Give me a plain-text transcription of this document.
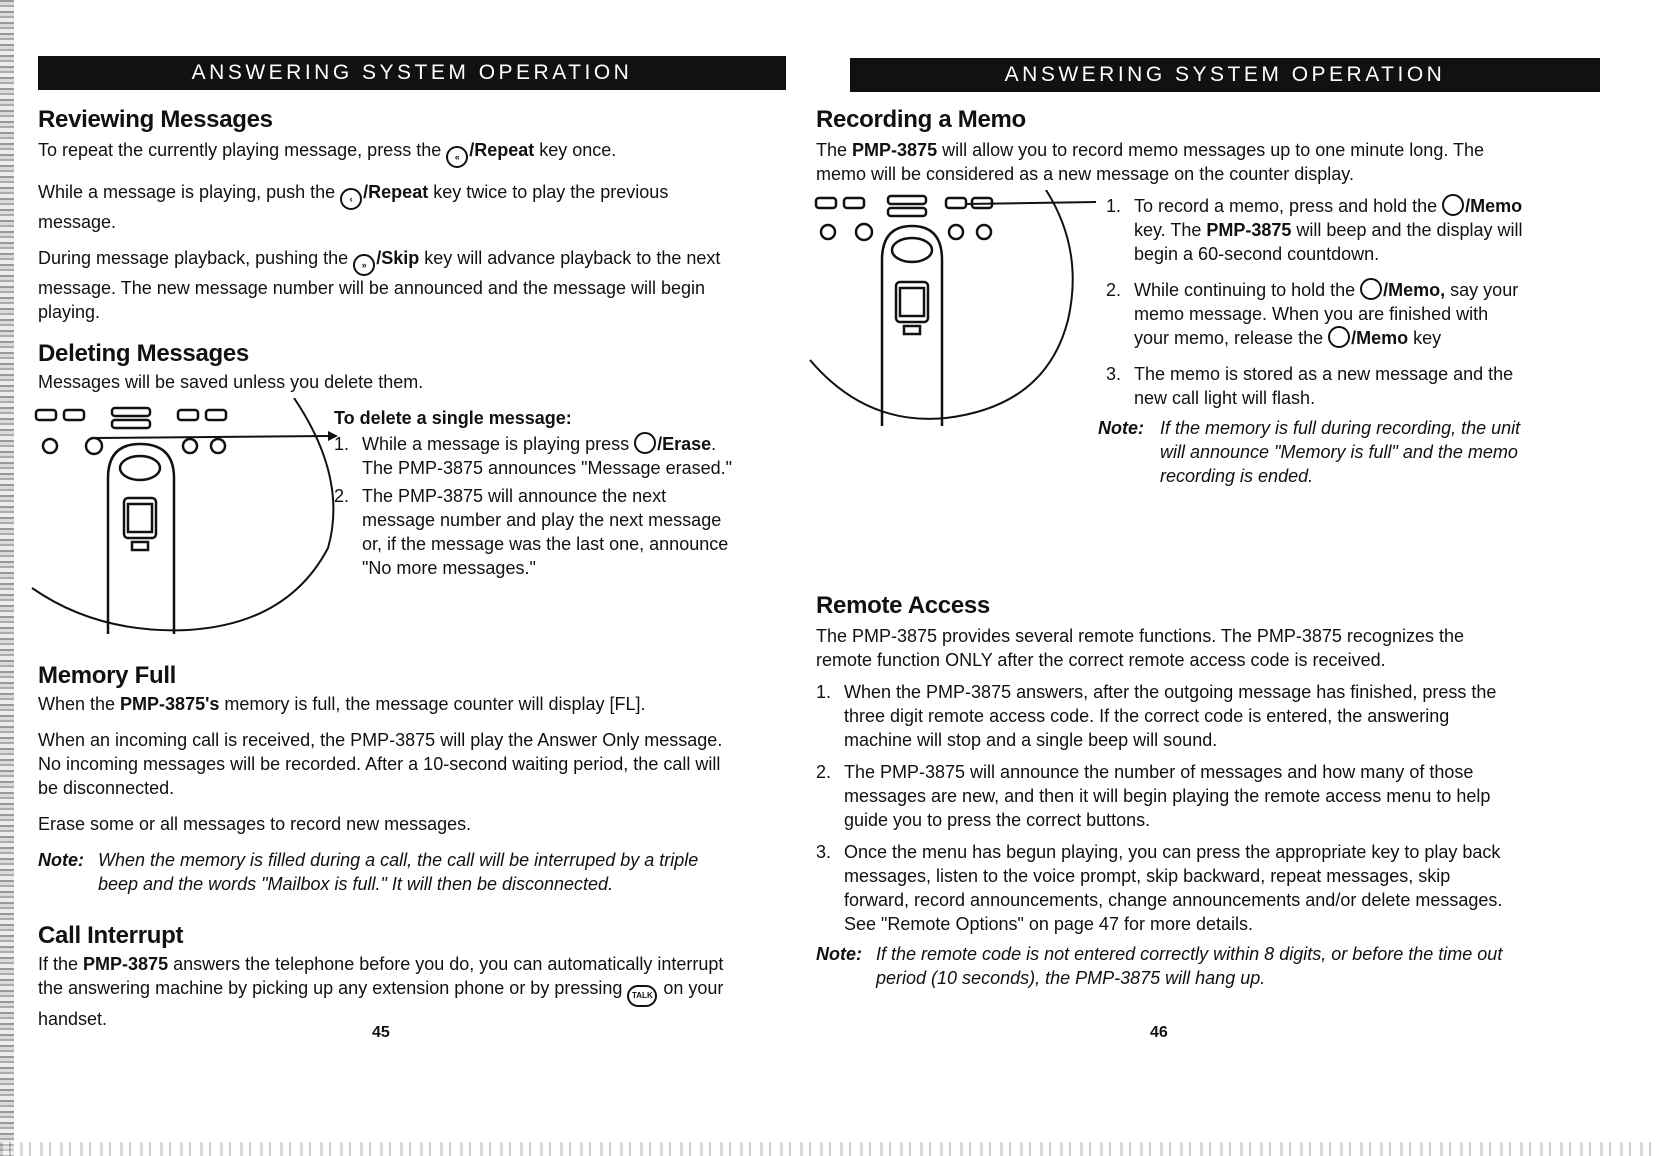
ANSWERING SYSTEM OPERATION
Reviewing Messages

To repeat the currently playing message, press the « /Repeat key once.

While a message is playing, push the ‹ /Repeat key twice to play the previous message.

During message playback, pushing the » /Skip key will advance playback to the next message. The new message number will be announced and the message will begin playing.

Deleting Messages

Messages will be saved unless you delete them.

To delete a single message:

1. While a message is playing press /Erase. The PMP-3875 announces "Message erased."
2. The PMP-3875 will announce the next message number and play the next message or, if the message was the last one, announce "No more messages."
Memory Full

When the PMP-3875's memory is full, the message counter will display [FL].

When an incoming call is received, the PMP-3875 will play the Answer Only message. No incoming messages will be recorded. After a 10-second waiting period, the call will be disconnected.

Erase some or all messages to record new messages.

Note: When the memory is filled during a call, the call will be interruped by a triple beep and the words "Mailbox is full." It will then be disconnected.
Call Interrupt

If the PMP-3875 answers the telephone before you do, you can automatically interrupt the answering machine by picking up any extension phone or by pressing TALK on your handset.

45
ANSWERING SYSTEM OPERATION
Recording a Memo

The PMP-3875 will allow you to record memo messages up to one minute long. The memo will be considered as a new message on the counter display.

1. To record a memo, press and hold the /Memo key. The PMP-3875 will beep and the display will begin a 60-second countdown.
2. While continuing to hold the /Memo, say your memo message. When you are finished with your memo, release the /Memo key
3. The memo is stored as a new message and the new call light will flash.
Note: If the memory is full during recording, the unit will announce "Memory is full" and the memo recording is ended.
Remote Access

The PMP-3875 provides several remote functions. The PMP-3875 recognizes the remote function ONLY after the correct remote access code is received.

1. When the PMP-3875 answers, after the outgoing message has finished, press the three digit remote access code. If the correct code is entered, the answering machine will stop and a single beep will sound.
2. The PMP-3875 will announce the number of messages and how many of those messages are new, and then it will begin playing the remote access menu to help guide you to press the correct buttons.
3. Once the menu has begun playing, you can press the appropriate key to play back messages, listen to the voice prompt, skip backward, repeat messages, skip forward, record announcements, change announcements and/or delete messages. See "Remote Options" on page 47 for more details.
Note: If the remote code is not entered correctly within 8 digits, or before the time out period (10 seconds), the PMP-3875 will hang up.
46
